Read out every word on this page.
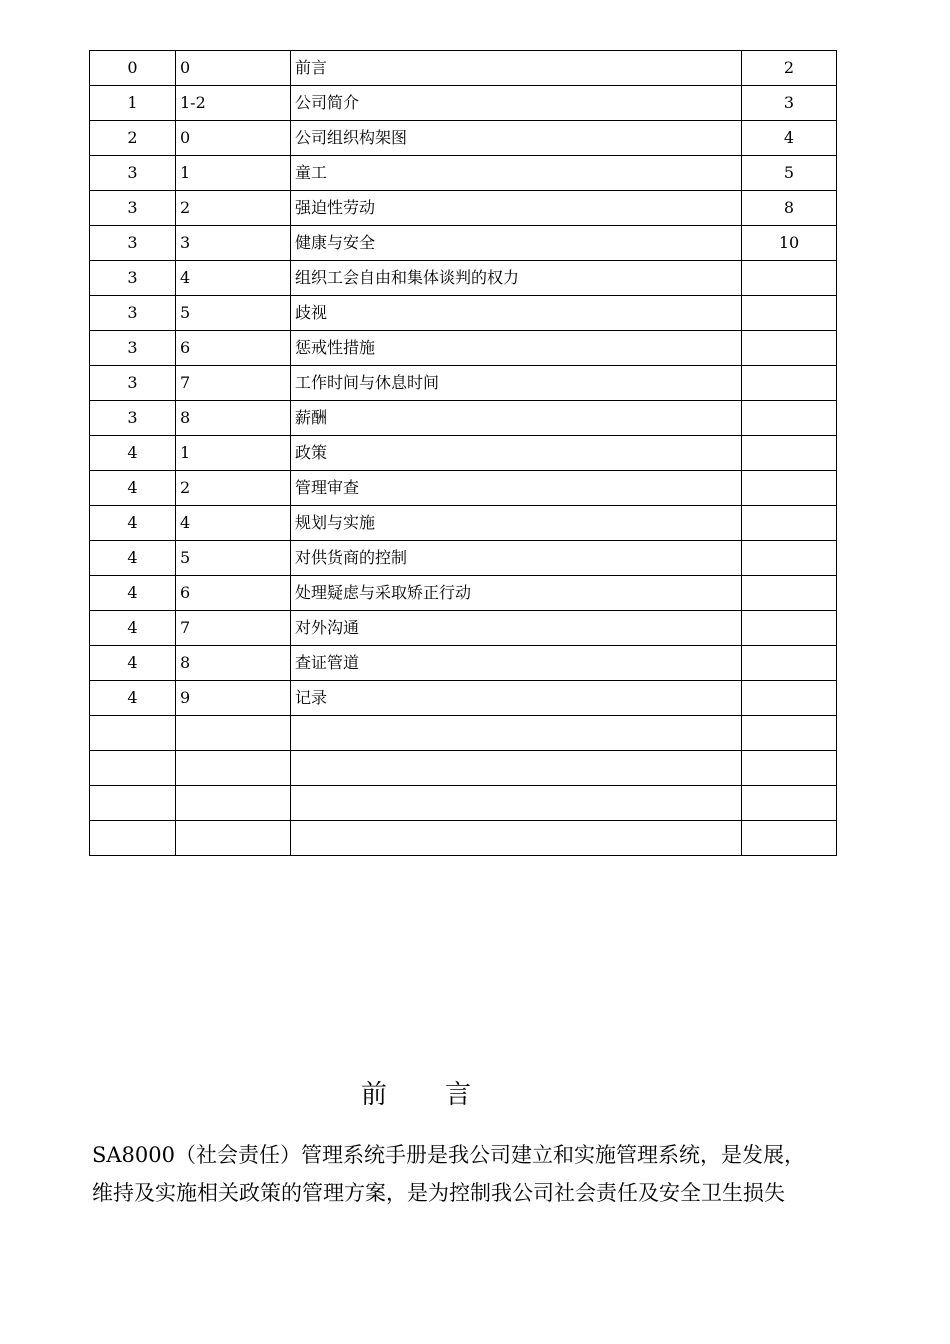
0	0	前言	2
1	1-2	公司简介	3
2	0	公司组织构架图	4
3	1	童工	5
3	2	强迫性劳动	8
3	3	健康与安全	10
3	4	组织工会自由和集体谈判的权力	
3	5	歧视	
3	6	惩戒性措施	
3	7	工作时间与休息时间	
3	8	薪酬	
4	1	政策	
4	2	管理审查	
4	4	规划与实施	
4	5	对供货商的控制	
4	6	处理疑虑与采取矫正行动	
4	7	对外沟通	
4	8	查证管道	
4	9	记录	

前言

SA8000（社会责任）管理系统手册是我公司建立和实施管理系统，是发展，

维持及实施相关政策的管理方案，是为控制我公司社会责任及安全卫生损失
